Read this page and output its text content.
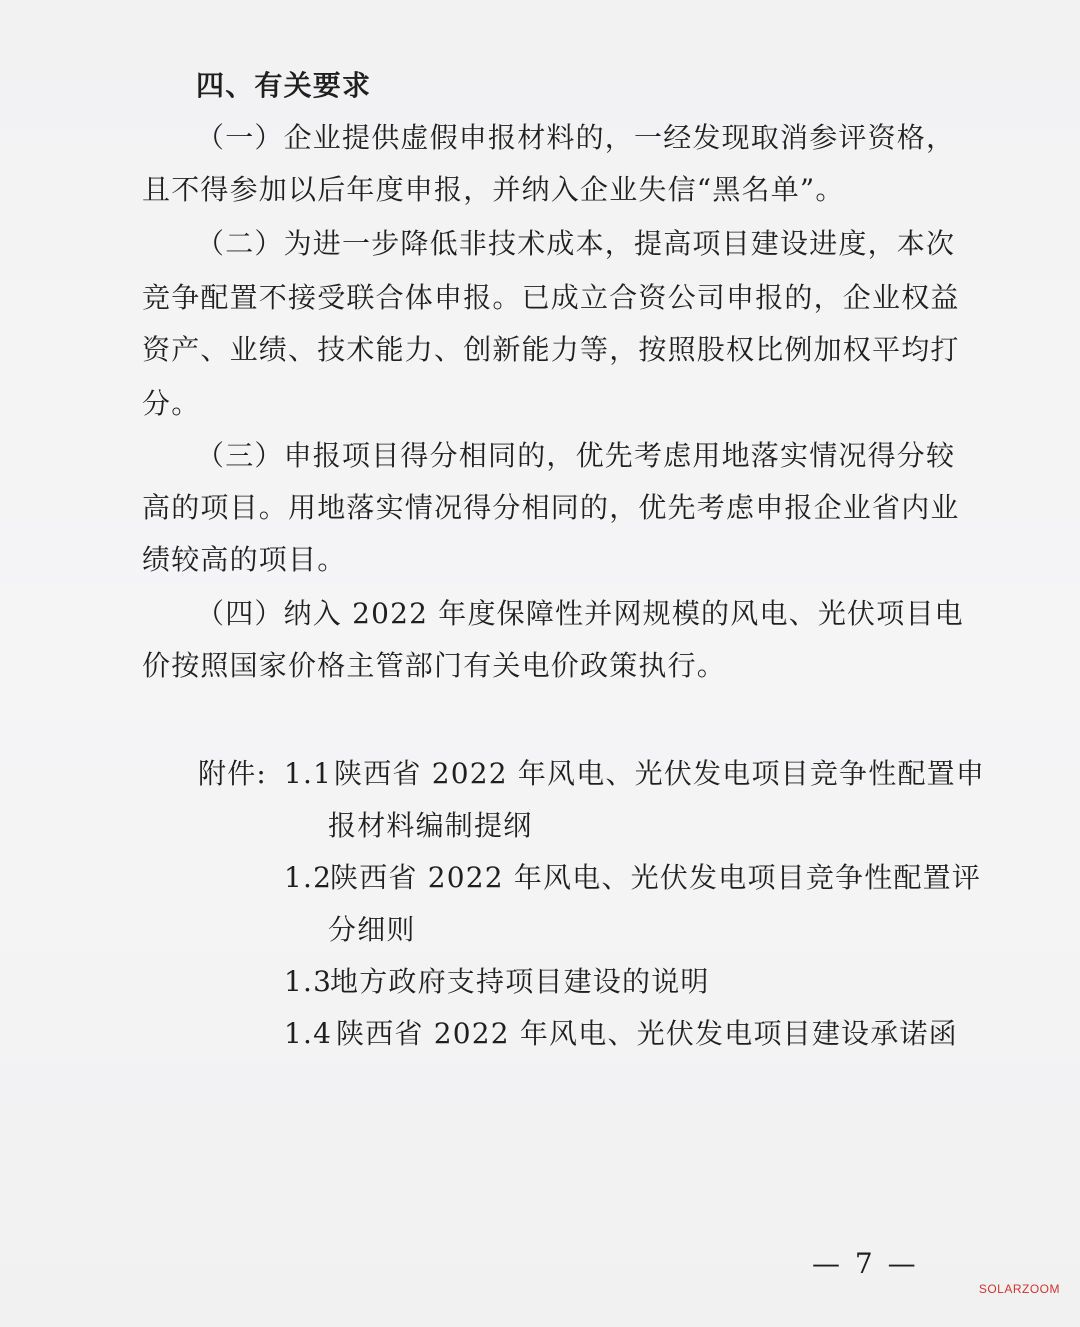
四、有关要求
（一）企业提供虚假申报材料的，一经发现取消参评资格，
且不得参加以后年度申报，并纳入企业失信“黑名单”。
（二）为进一步降低非技术成本，提高项目建设进度，本次
竞争配置不接受联合体申报。已成立合资公司申报的，企业权益
资产、业绩、技术能力、创新能力等，按照股权比例加权平均打
分。
（三）申报项目得分相同的，优先考虑用地落实情况得分较
高的项目。用地落实情况得分相同的，优先考虑申报企业省内业
绩较高的项目。
（四）纳入 2022 年度保障性并网规模的风电、光伏项目电
价按照国家价格主管部门有关电价政策执行。
附件: 1.1 陕西省 2022 年风电、光伏发电项目竞争性配置申
报材料编制提纲
1.2
陕西省 2022 年风电、光伏发电项目竞争性配置评
分细则
1.3
地方政府支持项目建设的说明
1.4 陕西省 2022 年风电、光伏发电项目建设承诺函
— 7 —
SOLARZOOM
